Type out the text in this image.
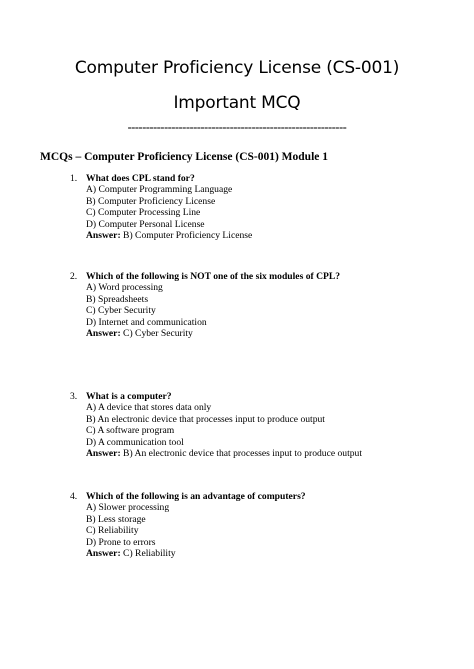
Computer Proficiency License (CS-001)
Important MCQ
------------------------------------------------------------
MCQs – Computer Proficiency License (CS-001) Module 1
1. What does CPL stand for?
A) Computer Programming Language
B) Computer Proficiency License
C) Computer Processing Line
D) Computer Personal License
Answer: B) Computer Proficiency License
2. Which of the following is NOT one of the six modules of CPL?
A) Word processing
B) Spreadsheets
C) Cyber Security
D) Internet and communication
Answer: C) Cyber Security
3. What is a computer?
A) A device that stores data only
B) An electronic device that processes input to produce output
C) A software program
D) A communication tool
Answer: B) An electronic device that processes input to produce output
4. Which of the following is an advantage of computers?
A) Slower processing
B) Less storage
C) Reliability
D) Prone to errors
Answer: C) Reliability
